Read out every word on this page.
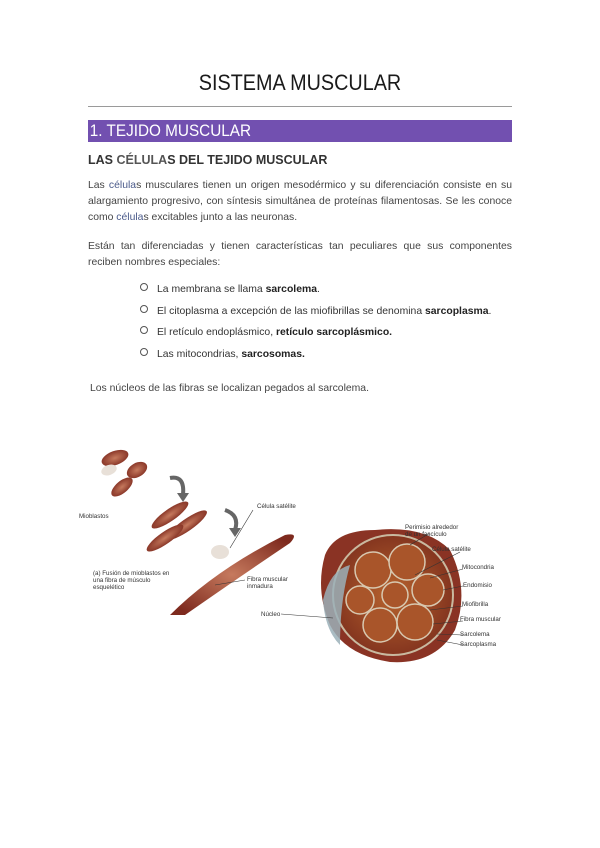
SISTEMA MUSCULAR
1. TEJIDO MUSCULAR
LAS CÉLULAS DEL TEJIDO MUSCULAR
Las células musculares tienen un origen mesodérmico y su diferenciación consiste en su alargamiento progresivo, con síntesis simultánea de proteínas filamentosas. Se les conoce como células excitables junto a las neuronas.
Están tan diferenciadas y tienen características tan peculiares que sus componentes reciben nombres especiales:
La membrana se llama sarcolema.
El citoplasma a excepción de las miofibrillas se denomina sarcoplasma.
El retículo endoplásmico, retículo sarcoplásmico.
Las mitocondrias, sarcosomas.
Los núcleos de las fibras se localizan pegados al sarcolema.
Mioblastos
Célula satélite
(a) Fusión de mioblastos en
una fibra de músculo
esquelético
Fibra muscular
inmadura
Núcleo
Perimisio alrededor
de un fascículo
Célula satélite
Mitocondria
Endomisio
Miofibrilla
Fibra muscular
Sarcolema
Sarcoplasma
